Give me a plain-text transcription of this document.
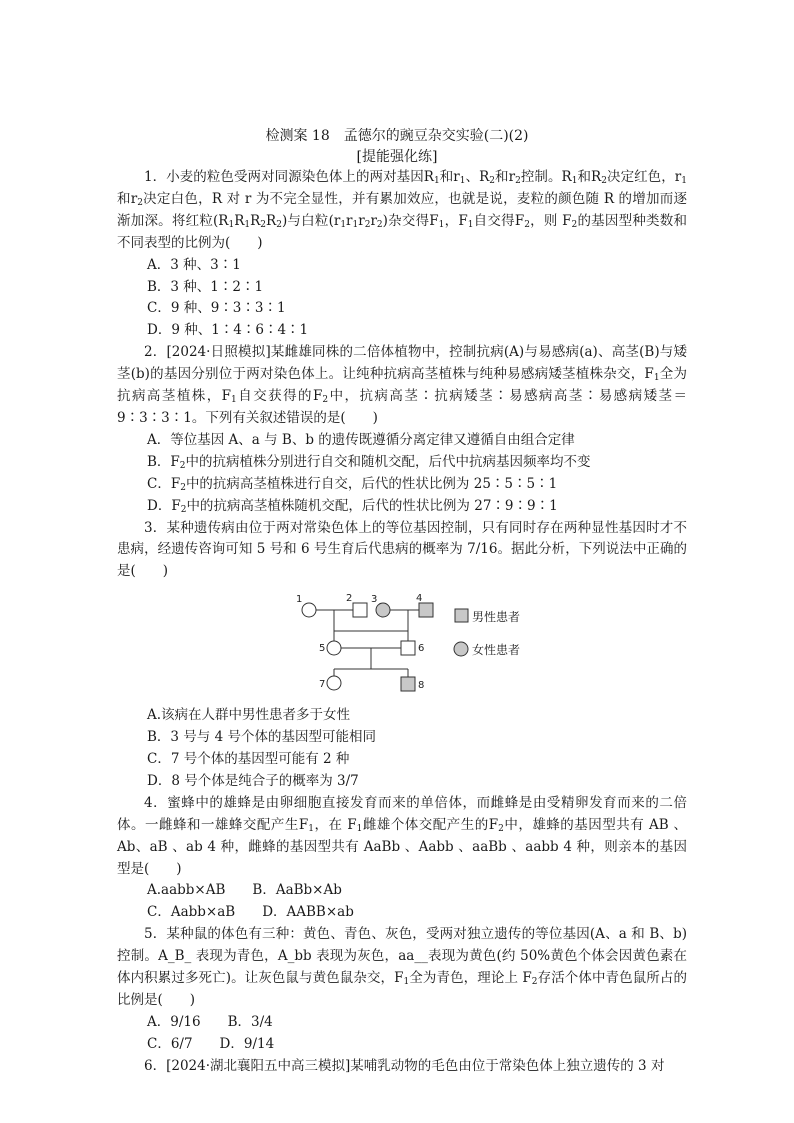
检测案 18　孟德尔的豌豆杂交实验(二)(2)
[提能强化练]

1．小麦的粒色受两对同源染色体上的两对基因$R_1$和$r_1$、$R_2$和$r_2$控制。$R_1$和$R_2$决定红色，$r_1$和$r_2$决定白色，R 对 r 为不完全显性，并有累加效应，也就是说，麦粒的颜色随 R 的增加而逐渐加深。将红粒$(R_1R_1R_2R_2)$与白粒$(r_1r_1r_2r_2)$杂交得$F_1$，$F_1$自交得$F_2$，则 $F_2$的基因型种类数和不同表型的比例为(　　)

A．3 种、3∶1

B．3 种、1∶2∶1

C．9 种、9∶3∶3∶1

D．9 种、1∶4∶6∶4∶1

2．[2024·日照模拟]某雌雄同株的二倍体植物中，控制抗病(A)与易感病(a)、高茎(B)与矮茎(b)的基因分别位于两对染色体上。让纯种抗病高茎植株与纯种易感病矮茎植株杂交，$F_1$全为抗病高茎植株，$F_1$自交获得的$F_2$中，抗病高茎∶抗病矮茎∶易感病高茎∶易感病矮茎＝9∶3∶3∶1。下列有关叙述错误的是(　　)

A．等位基因 A、a 与 B、b 的遗传既遵循分离定律又遵循自由组合定律

B．$F_2$中的抗病植株分别进行自交和随机交配，后代中抗病基因频率均不变

C．$F_2$中的抗病高茎植株进行自交，后代的性状比例为 25∶5∶5∶1

D．$F_2$中的抗病高茎植株随机交配，后代的性状比例为 27∶9∶9∶1

3．某种遗传病由位于两对常染色体上的等位基因控制，只有同时存在两种显性基因时才不患病，经遗传咨询可知 5 号和 6 号生育后代患病的概率为 7/16。据此分析，下列说法中正确的是(　　)

1	2 3	4
5	6
7	8
男性患者
女性患者

A.该病在人群中男性患者多于女性

B．3 号与 4 号个体的基因型可能相同

C．7 号个体的基因型可能有 2 种

D．8 号个体是纯合子的概率为 3/7

4．蜜蜂中的雄蜂是由卵细胞直接发育而来的单倍体，而雌蜂是由受精卵发育而来的二倍体。一雌蜂和一雄蜂交配产生$F_1$，在 $F_1$雌雄个体交配产生的$F_2$中，雄蜂的基因型共有 AB 、Ab、aB 、ab 4 种，雌蜂的基因型共有 AaBb 、Aabb 、aaBb 、aabb 4 种，则亲本的基因型是(　　)

A.aabb×AB　　B．AaBb×Ab

C．Aabb×aB　　D．AABB×ab

5．某种鼠的体色有三种：黄色、青色、灰色，受两对独立遗传的等位基因(A、a 和 B、b)控制。A_B_ 表现为青色，A_bb 表现为灰色，aa__表现为黄色(约 50%黄色个体会因黄色素在体内积累过多死亡)。让灰色鼠与黄色鼠杂交，$F_1$全为青色，理论上 $F_2$存活个体中青色鼠所占的比例是(　　)

A．9/16　　B．3/4

C．6/7　　D．9/14

6．[2024·湖北襄阳五中高三模拟]某哺乳动物的毛色由位于常染色体上独立遗传的 3 对
